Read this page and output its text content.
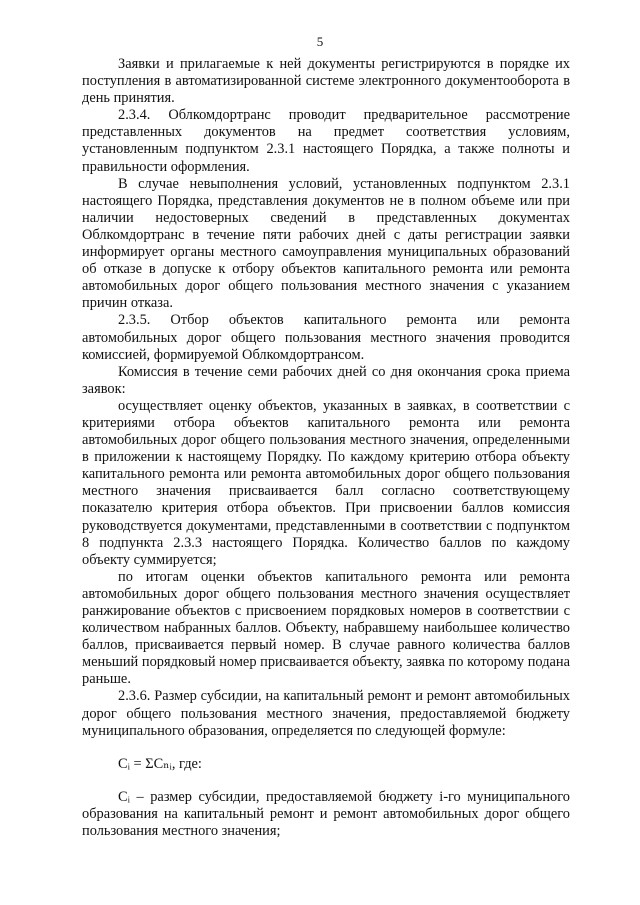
5

Заявки и прилагаемые к ней документы регистрируются в порядке их поступления в автоматизированной системе электронного документооборота в день принятия.

2.3.4. Облкомдортранс проводит предварительное рассмотрение представленных документов на предмет соответствия условиям, установленным подпунктом 2.3.1 настоящего Порядка, а также полноты и правильности оформления.

В случае невыполнения условий, установленных подпунктом 2.3.1 настоящего Порядка, представления документов не в полном объеме или при наличии недостоверных сведений в представленных документах Облкомдортранс в течение пяти рабочих дней с даты регистрации заявки информирует органы местного самоуправления муниципальных образований об отказе в допуске к отбору объектов капитального ремонта или ремонта автомобильных дорог общего пользования местного значения с указанием причин отказа.

2.3.5. Отбор объектов капитального ремонта или ремонта автомобильных дорог общего пользования местного значения проводится комиссией, формируемой Облкомдортрансом.

Комиссия в течение семи рабочих дней со дня окончания срока приема заявок:

осуществляет оценку объектов, указанных в заявках, в соответствии с критериями отбора объектов капитального ремонта или ремонта автомобильных дорог общего пользования местного значения, определенными в приложении к настоящему Порядку. По каждому критерию отбора объекту капитального ремонта или ремонта автомобильных дорог общего пользования местного значения присваивается балл согласно соответствующему показателю критерия отбора объектов. При присвоении баллов комиссия руководствуется документами, представленными в соответствии с подпунктом 8 подпункта 2.3.3 настоящего Порядка. Количество баллов по каждому объекту суммируется;

по итогам оценки объектов капитального ремонта или ремонта автомобильных дорог общего пользования местного значения осуществляет ранжирование объектов с присвоением порядковых номеров в соответствии с количеством набранных баллов. Объекту, набравшему наибольшее количество баллов, присваивается первый номер. В случае равного количества баллов меньший порядковый номер присваивается объекту, заявка по которому подана раньше.

2.3.6. Размер субсидии, на капитальный ремонт и ремонт автомобильных дорог общего пользования местного значения, предоставляемой бюджету муниципального образования, определяется по следующей формуле:

Cᵢ = ΣCₙᵢ, где:

Cᵢ – размер субсидии, предоставляемой бюджету i-го муниципального образования на капитальный ремонт и ремонт автомобильных дорог общего пользования местного значения;
